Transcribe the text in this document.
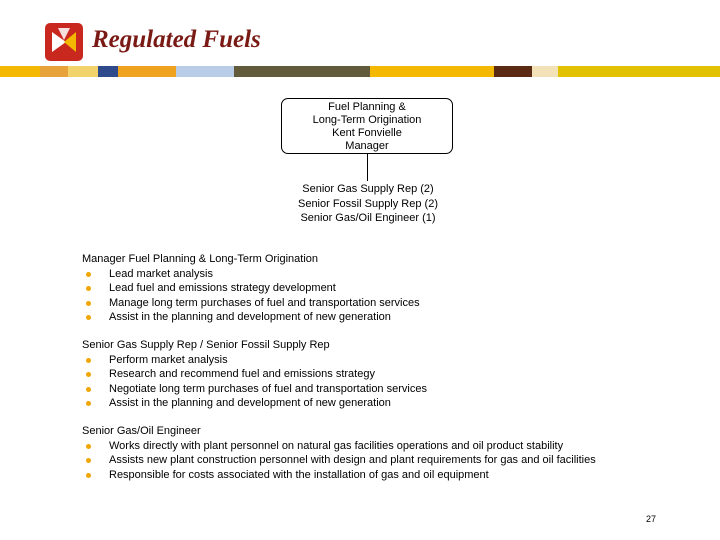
Regulated Fuels
Fuel Planning &
Long-Term Origination
Kent Fonvielle
Manager
Senior Gas Supply Rep (2)
Senior Fossil Supply Rep (2)
Senior Gas/Oil Engineer (1)
Manager Fuel Planning & Long-Term Origination
Lead market analysis
Lead fuel and emissions strategy development
Manage long term purchases of fuel and transportation services
Assist in the planning and development of new generation
Senior Gas Supply Rep / Senior Fossil Supply Rep
Perform market analysis
Research and recommend fuel and emissions strategy
Negotiate long term purchases of fuel and transportation services
Assist in the planning and development of new generation
Senior Gas/Oil Engineer
Works directly with plant personnel on natural gas facilities operations and oil product stability
Assists new plant construction personnel with design and plant requirements for gas and oil facilities
Responsible for costs associated with the installation of gas and oil equipment
27
